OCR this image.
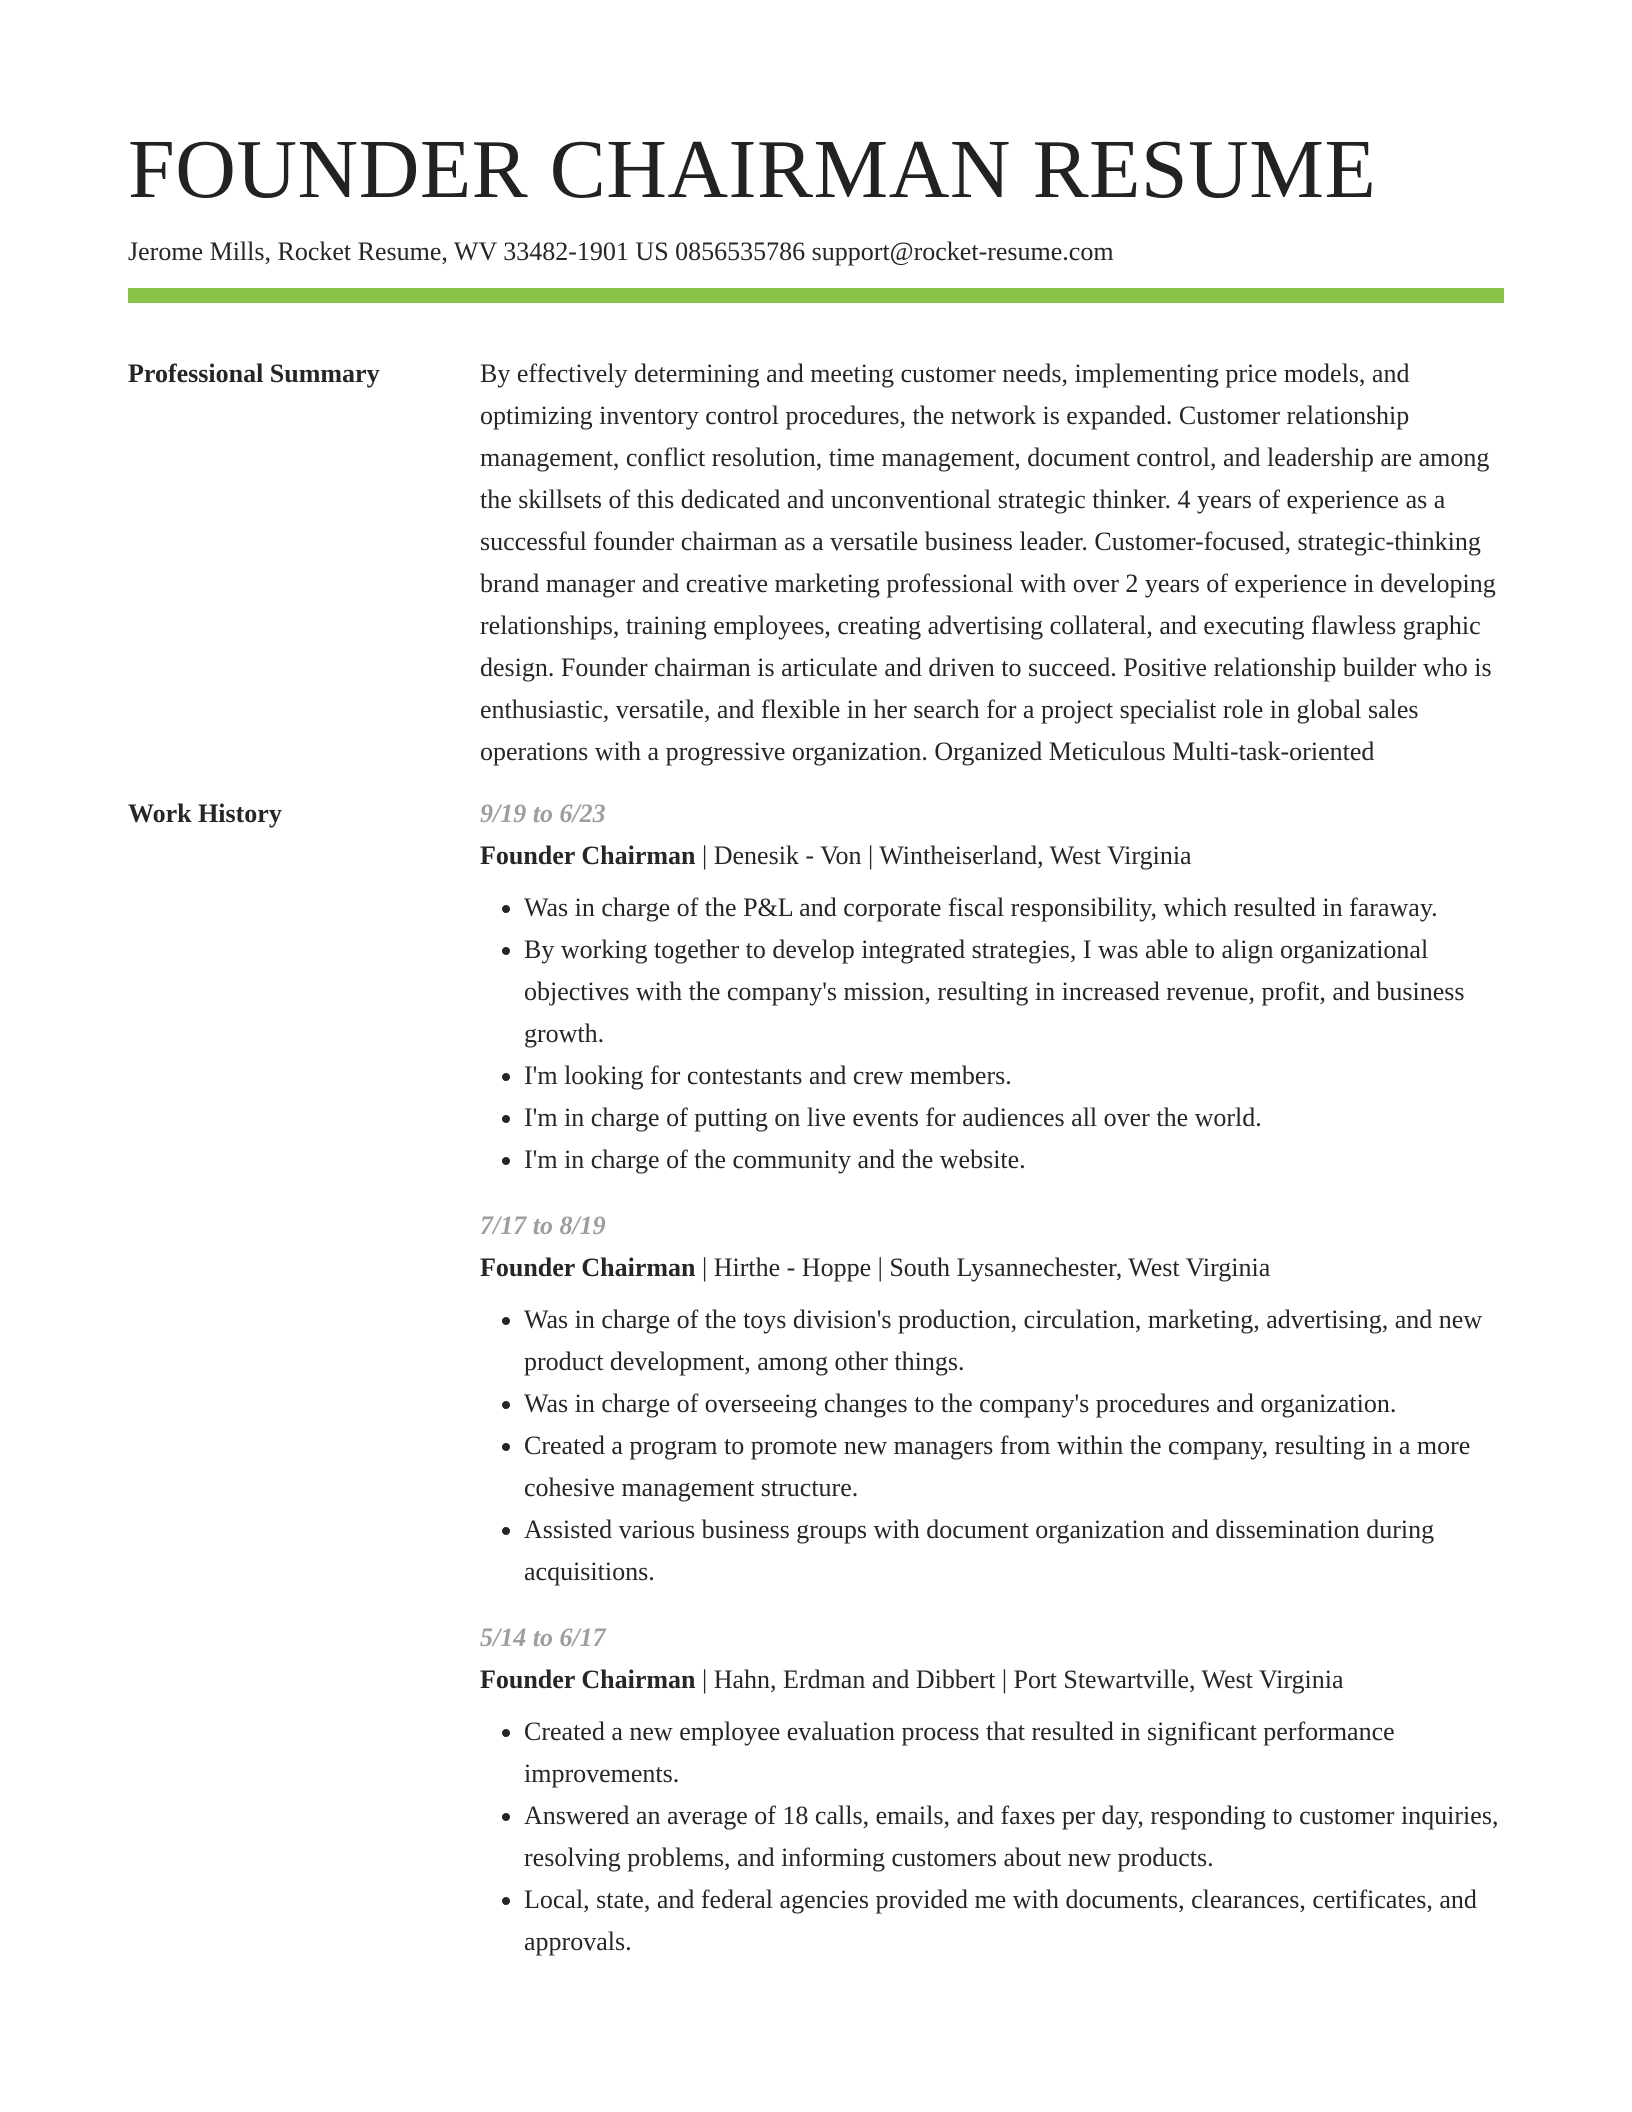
FOUNDER CHAIRMAN RESUME
Jerome Mills, Rocket Resume, WV 33482-1901 US 0856535786 support@rocket-resume.com
Professional Summary	By effectively determining and meeting customer needs, implementing price models, and optimizing inventory control procedures, the network is expanded. Customer relationship management, conflict resolution, time management, document control, and leadership are among the skillsets of this dedicated and unconventional strategic thinker. 4 years of experience as a successful founder chairman as a versatile business leader. Customer-focused, strategic-thinking brand manager and creative marketing professional with over 2 years of experience in developing relationships, training employees, creating advertising collateral, and executing flawless graphic design. Founder chairman is articulate and driven to succeed. Positive relationship builder who is enthusiastic, versatile, and flexible in her search for a project specialist role in global sales operations with a progressive organization. Organized Meticulous Multi-task-oriented

Work History	9/19 to 6/23
Founder Chairman | Denesik - Von | Wintheiserland, West Virginia
• Was in charge of the P&L and corporate fiscal responsibility, which resulted in faraway.
• By working together to develop integrated strategies, I was able to align organizational objectives with the company's mission, resulting in increased revenue, profit, and business growth.
• I'm looking for contestants and crew members.
• I'm in charge of putting on live events for audiences all over the world.
• I'm in charge of the community and the website.
7/17 to 8/19
Founder Chairman | Hirthe - Hoppe | South Lysannechester, West Virginia
• Was in charge of the toys division's production, circulation, marketing, advertising, and new product development, among other things.
• Was in charge of overseeing changes to the company's procedures and organization.
• Created a program to promote new managers from within the company, resulting in a more cohesive management structure.
• Assisted various business groups with document organization and dissemination during acquisitions.
5/14 to 6/17
Founder Chairman | Hahn, Erdman and Dibbert | Port Stewartville, West Virginia
• Created a new employee evaluation process that resulted in significant performance improvements.
• Answered an average of 18 calls, emails, and faxes per day, responding to customer inquiries, resolving problems, and informing customers about new products.
• Local, state, and federal agencies provided me with documents, clearances, certificates, and approvals.
